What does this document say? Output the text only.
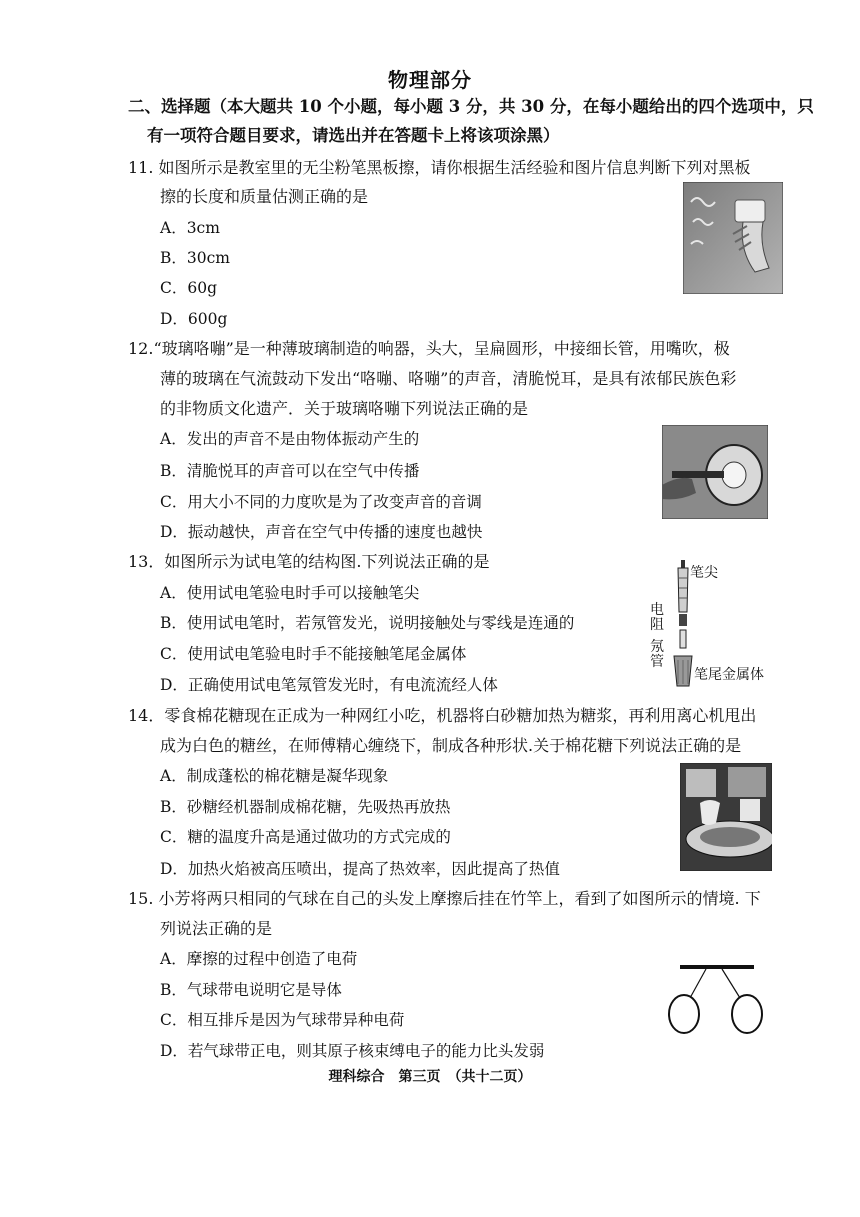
物理部分
二、选择题（本大题共 10 个小题，每小题 3 分，共 30 分，在每小题给出的四个选项中，只
有一项符合题目要求，请选出并在答题卡上将该项涂黑）
11. 如图所示是教室里的无尘粉笔黑板擦，请你根据生活经验和图片信息判断下列对黑板
擦的长度和质量估测正确的是
A．3cm
B．30cm
C．60g
D．600g
12.“玻璃咯嘣”是一种薄玻璃制造的响器，头大，呈扁圆形，中接细长管，用嘴吹，极
薄的玻璃在气流鼓动下发出“咯嘣、咯嘣”的声音，清脆悦耳，是具有浓郁民族色彩
的非物质文化遗产．关于玻璃咯嘣下列说法正确的是
A．发出的声音不是由物体振动产生的
B．清脆悦耳的声音可以在空气中传播
C．用大小不同的力度吹是为了改变声音的音调
D．振动越快，声音在空气中传播的速度也越快
13．如图所示为试电笔的结构图.下列说法正确的是
A．使用试电笔验电时手可以接触笔尖
B．使用试电笔时，若氖管发光，说明接触处与零线是连通的
C．使用试电笔验电时手不能接触笔尾金属体
D．正确使用试电笔氖管发光时，有电流流经人体
笔尖
电阻
氖管
笔尾金属体
14．零食棉花糖现在正成为一种网红小吃，机器将白砂糖加热为糖浆，再利用离心机甩出
成为白色的糖丝，在师傅精心缠绕下，制成各种形状.关于棉花糖下列说法正确的是
A．制成蓬松的棉花糖是凝华现象
B．砂糖经机器制成棉花糖，先吸热再放热
C．糖的温度升高是通过做功的方式完成的
D．加热火焰被高压喷出，提高了热效率，因此提高了热值
15. 小芳将两只相同的气球在自己的头发上摩擦后挂在竹竿上，看到了如图所示的情境. 下
列说法正确的是
A．摩擦的过程中创造了电荷
B．气球带电说明它是导体
C．相互排斥是因为气球带异种电荷
D．若气球带正电，则其原子核束缚电子的能力比头发弱
理科综合　第三页　（共十二页）
